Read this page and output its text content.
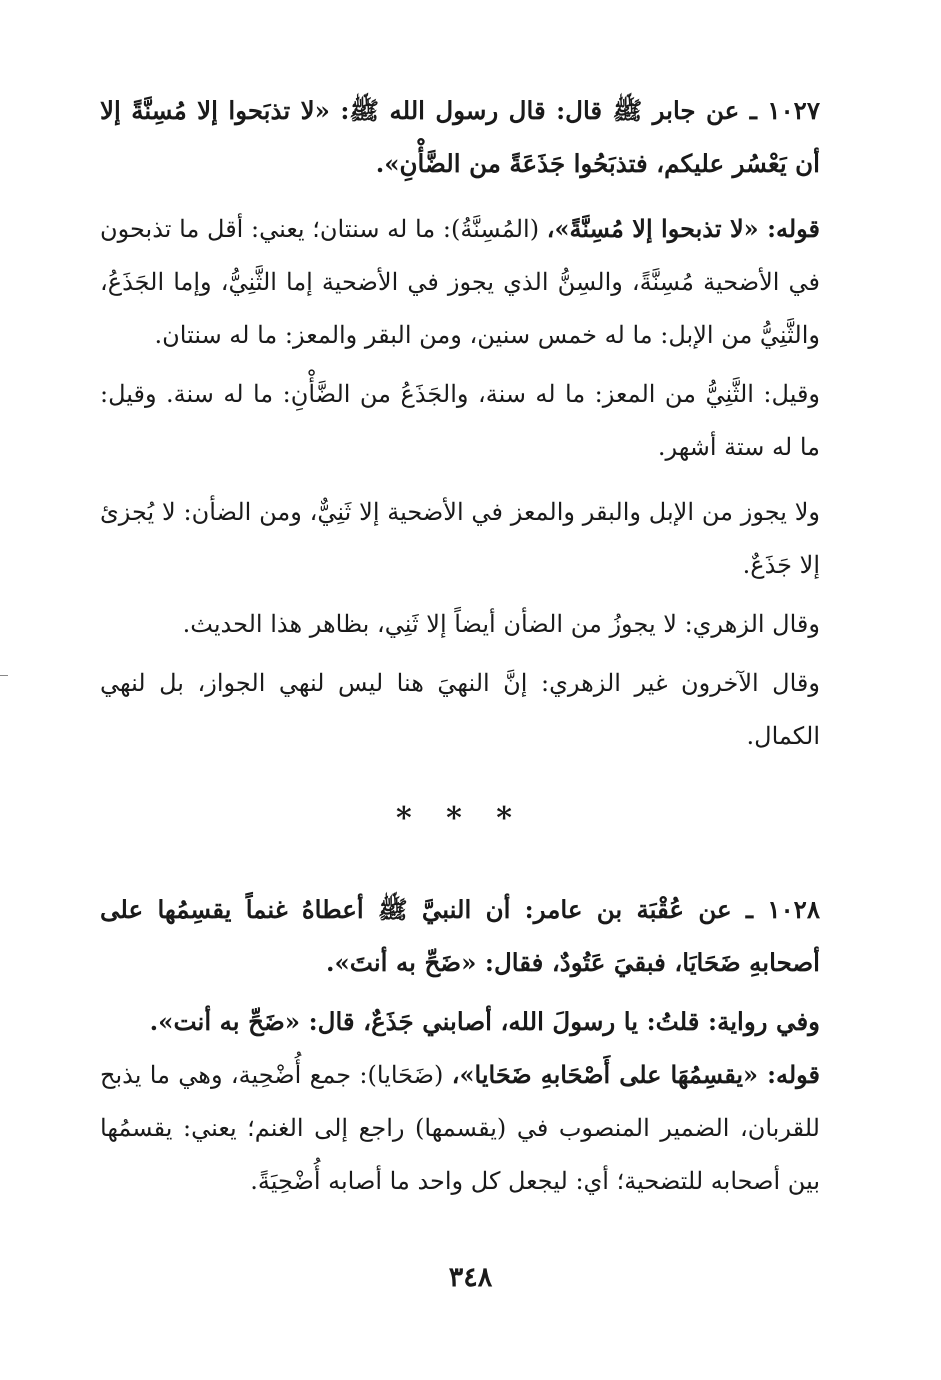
١٠٢٧ ـ عن جابر ﷺ قال: قال رسول الله ﷺ: «لا تذبَحوا إلا مُسِنَّةً إلا أن يَعْسُر عليكم، فتذبَحُوا جَذَعَةً من الضَّأْنِ».

قوله: «لا تذبحوا إلا مُسِنَّةً»، (المُسِنَّةُ): ما له سنتان؛ يعني: أقل ما تذبحون في الأضحية مُسِنَّةً، والسِنُّ الذي يجوز في الأضحية إما الثَّنِيُّ، وإما الجَذَعُ، والثَّنِيُّ من الإبل: ما له خمس سنين، ومن البقر والمعز: ما له سنتان.

وقيل: الثَّنِيُّ من المعز: ما له سنة، والجَذَعُ من الضَّأْنِ: ما له سنة. وقيل: ما له ستة أشهر.

ولا يجوز من الإبل والبقر والمعز في الأضحية إلا ثَنِيٌّ، ومن الضأن: لا يُجزئ إلا جَذَعٌ.

وقال الزهري: لا يجوزُ من الضأن أيضاً إلا ثَنِي، بظاهر هذا الحديث.

وقال الآخرون غير الزهري: إنَّ النهيَ هنا ليس لنهي الجواز، بل لنهي الكمال.

* * *

١٠٢٨ ـ عن عُقْبَة بن عامر: أن النبيَّ ﷺ أعطاهُ غنماً يقسِمُها على أصحابهِ ضَحَايَا، فبقيَ عَتُودٌ، فقال: «ضَحِّ به أنتَ».

وفي رواية: قلتُ: يا رسولَ الله، أصابني جَذَعٌ، قال: «ضَحِّ به أنت».

قوله: «يقسِمُهَا على أَصْحَابهِ ضَحَايا»، (ضَحَايا): جمع أُضْحِية، وهي ما يذبح للقربان، الضمير المنصوب في (يقسمها) راجع إلى الغنم؛ يعني: يقسمُها بين أصحابه للتضحية؛ أي: ليجعل كل واحد ما أصابه أُضْحِيَةً.

٣٤٨
